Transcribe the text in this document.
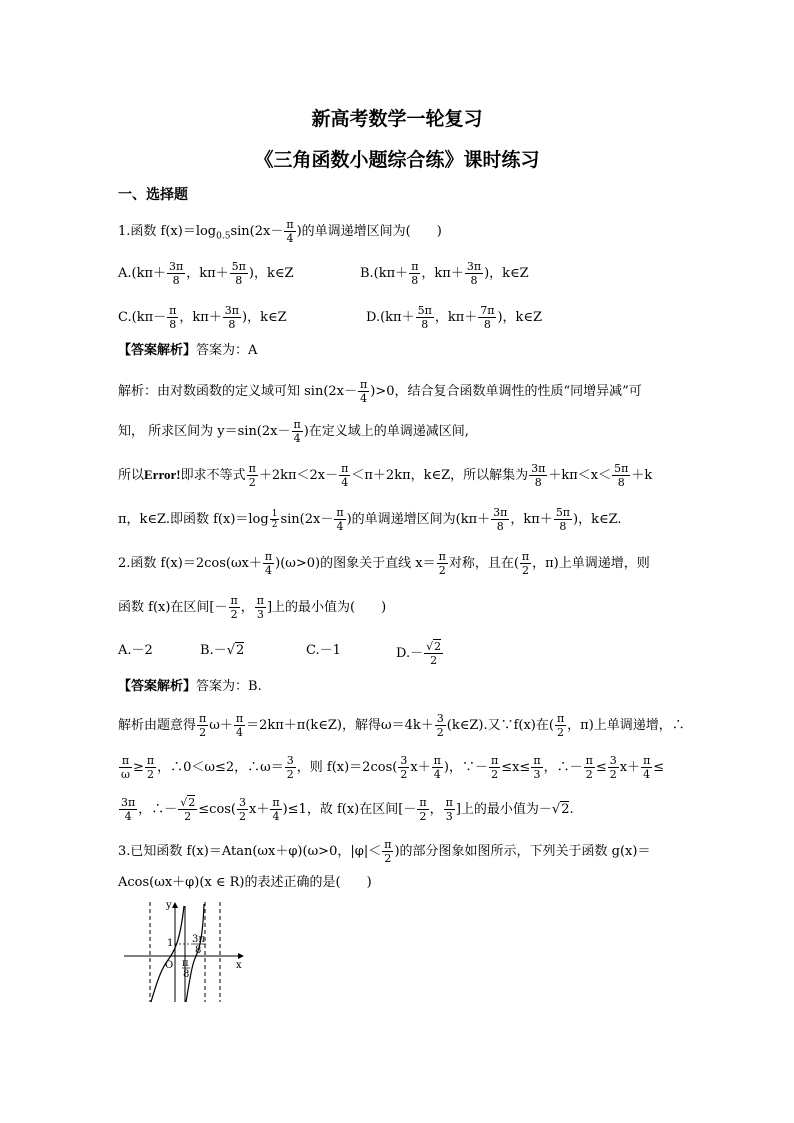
新高考数学一轮复习
《三角函数小题综合练》课时练习
一、选择题
1.函数 $f(x)=\log_{0.5}\sin(2x- \frac{\pi}{4}$ )的单调递增区间为(　　)
$A.(k\pi+ \frac{3\pi}{8}$ ，$k\pi+ \frac{5\pi}{8}$ )，k∈Z	$B.(k\pi+ \frac{\pi}{8}$ ，$k\pi+ \frac{3\pi}{8}$ )，k∈Z
$C.(k\pi- \frac{\pi}{8}$ ，$k\pi+ \frac{3\pi}{8}$ )，k∈Z	$D.(k\pi+ \frac{5\pi}{8}$ ，$k\pi+ \frac{7\pi}{8}$ )，k∈Z
【答案解析】答案为：A
解析：由对数函数的定义域可知 $\sin(2x- \frac{\pi}{4} )>0$，结合复合函数单调性的性质“同增异减”可
知， 所求区间为 $y=\sin(2x- \frac{\pi}{4}$ )在定义域上的单调递减区间,
所以Error!即求不等式 $\frac{\pi}{2} +2k\pi<2x- \frac{\pi}{4} <\pi+2k\pi$，k∈Z，所以解集为 $\frac{3\pi}{8} +k\pi<x< \frac{5\pi}{8} +k$
π，k∈Z.即函数 $f(x)=\log \frac{1}{2} \sin(2x- \frac{\pi}{4}$ )的单调递增区间为($k\pi+ \frac{3\pi}{8}$ ，$k\pi+ \frac{5\pi}{8}$ )，k∈Z.
2.函数 $f(x)=2\cos(\omega x+ \frac{\pi}{4} )(\omega>0)$的图象关于直线 $x= \frac{\pi}{2}$ 对称，且在( $\frac{\pi}{2}$ ，π)上单调递增，则
函数 f(x)在区间[－ $\frac{\pi}{2}$ ， $\frac{\pi}{3}$ ]上的最小值为(　　)
A.－2	B.－√2	C.－1	$D.- \frac{√2}{2}$
【答案解析】答案为：B.
解析由题意得 $\frac{\pi}{2} \omega+ \frac{\pi}{4}$ ＝2kπ＋π(k∈Z)，解得$\omega=4k+ \frac{3}{2}$ (k∈Z).又∵f(x)在( $\frac{\pi}{2}$ ，π)上单调递增，∴
$\frac{\pi}{\omega} \ge \frac{\pi}{2}$ ，∴0＜ω≤2，∴ω＝ $\frac{3}{2}$ ，则 $f(x)=2\cos( \frac{3}{2} x+ \frac{\pi}{4}$ )，∵－ $\frac{\pi}{2} \le x\le \frac{\pi}{3}$ ，∴－ $\frac{\pi}{2} \le \frac{3}{2} x+ \frac{\pi}{4}$ ≤
$\frac{3\pi}{4}$ ，∴－ $\frac{√2}{2} \le\cos( \frac{3}{2} x+ \frac{\pi}{4} )\le 1$，故 f(x)在区间[－ $\frac{\pi}{2}$ ， $\frac{\pi}{3}$ ]上的最小值为－√2.
3.已知函数 f(x)＝Atan(ωx＋φ)(ω>0，$|\varphi|< \frac{\pi}{2}$ )的部分图象如图所示，下列关于函数 g(x)＝
Acos(ωx＋φ)(x ∈ R)的表述正确的是(　　)
y
x
O
1 3π
8
π
8
